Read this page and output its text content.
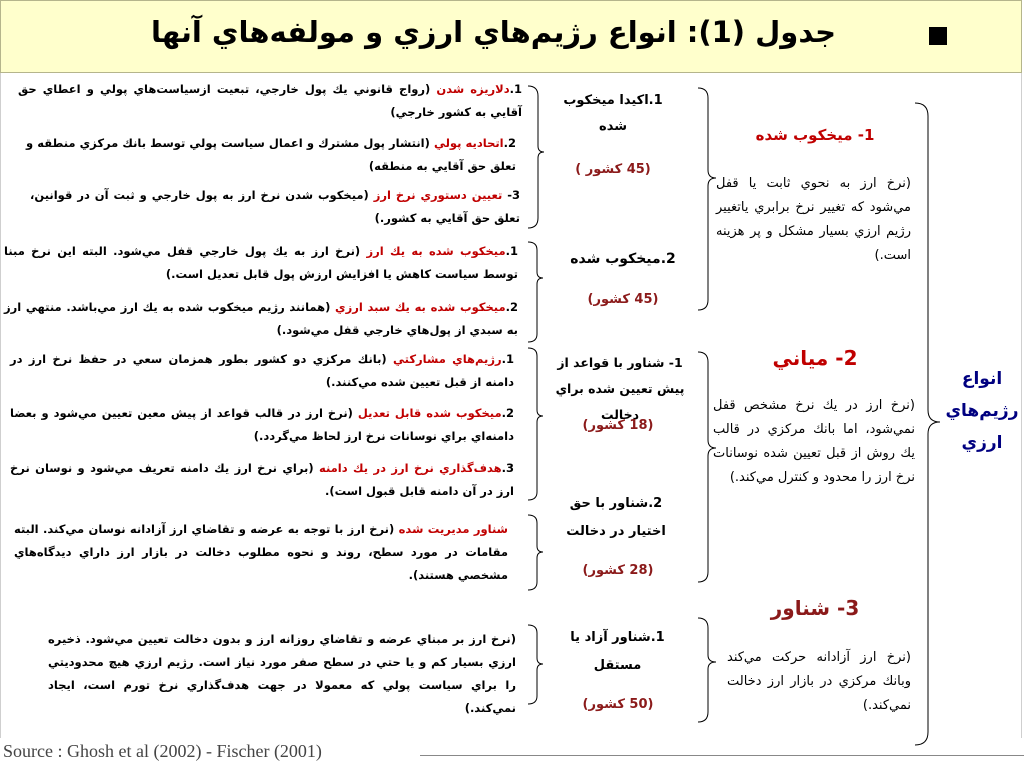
جدول (1): انواع رژيم‌هاي ارزي و مولفه‌هاي آنها
انواع رژيم‌هاي ارزي
1- ميخكوب شده
(نرخ ارز به نحوي ثابت يا قفل مي‌شود كه تغيير نرخ برابري ياتغيير رژيم ارزي بسيار مشكل و پر هزينه است.)
2- مياني
(نرخ ارز در يك نرخ مشخص قفل نمي‌شود، اما بانك مركزي در قالب يك روش از قبل تعيين شده نوسانات نرخ ارز را محدود و كنترل مي‌كند.)
3- شناور
(نرخ ارز آزادانه حركت مي‌كند وبانك مركزي در بازار ارز دخالت نمي‌كند.)
1.اكيدا ميخكوب شده
(45 كشور )
2.ميخكوب شده
(45 كشور)
1- شناور با قواعد از پيش تعيين شده براي دخالت
(18 كشور)
2.شناور با حق اختيار در دخالت
(28 كشور)
1.شناور آزاد يا مستقل
(50 كشور)
1.دلاريزه شدن (رواج قانوني يك پول خارجي، تبعيت ازسياست‌هاي پولي و اعطاي حق آقايي به كشور خارجي)
2.اتحاديه پولي (انتشار پول مشترك و اعمال سياست پولي توسط بانك مركزي منطقه و تعلق حق آقايي به منطقه)
3- تعيين دستوري نرخ ارز (ميخكوب شدن نرخ ارز به پول خارجي و ثبت آن در قوانين، تعلق حق آقايي به كشور.)
1.ميخكوب شده به يك ارز (نرخ ارز به يك پول خارجي قفل مي‌شود. البته اين نرخ مبنا توسط سياست كاهش يا افزايش ارزش پول قابل تعديل است.)
2.ميخكوب شده به يك سبد ارزي (همانند رژيم ميخكوب شده به يك ارز مي‌باشد. منتهي ارز به سبدي از پول‌هاي خارجي قفل مي‌شود.)
1.رژيم‌هاي مشاركتي (بانك مركزي دو كشور بطور همزمان سعي در حفظ نرخ ارز در دامنه از قبل تعيين شده مي‌كنند.)
2.ميخكوب شده قابل تعديل (نرخ ارز در قالب قواعد از پيش معين تعيين مي‌شود و بعضا دامنه‌اي براي نوسانات نرخ ارز لحاظ مي‌گردد.)
3.هدف‌گذاري نرخ ارز در يك دامنه (براي نرخ ارز يك دامنه تعريف مي‌شود و نوسان نرخ ارز در آن دامنه قابل قبول است).
شناور مديريت شده (نرخ ارز با توجه به عرضه و تقاضاي ارز آزادانه نوسان مي‌كند. البته مقامات در مورد سطح، روند و نحوه مطلوب دخالت در بازار ارز داراي ديدگاه‌هاي مشخصي هستند).
(نرخ ارز بر مبناي عرضه و تقاضاي روزانه ارز و بدون دخالت تعيين مي‌شود. ذخيره ارزي بسيار كم و يا حتي در سطح صفر مورد نياز است. رژيم ارزي هيچ محدوديتي را براي سياست پولي كه معمولا در جهت هدف‌گذاري نرخ تورم است، ايجاد نمي‌كند.)
Source : Ghosh et al (2002) - Fischer (2001)
